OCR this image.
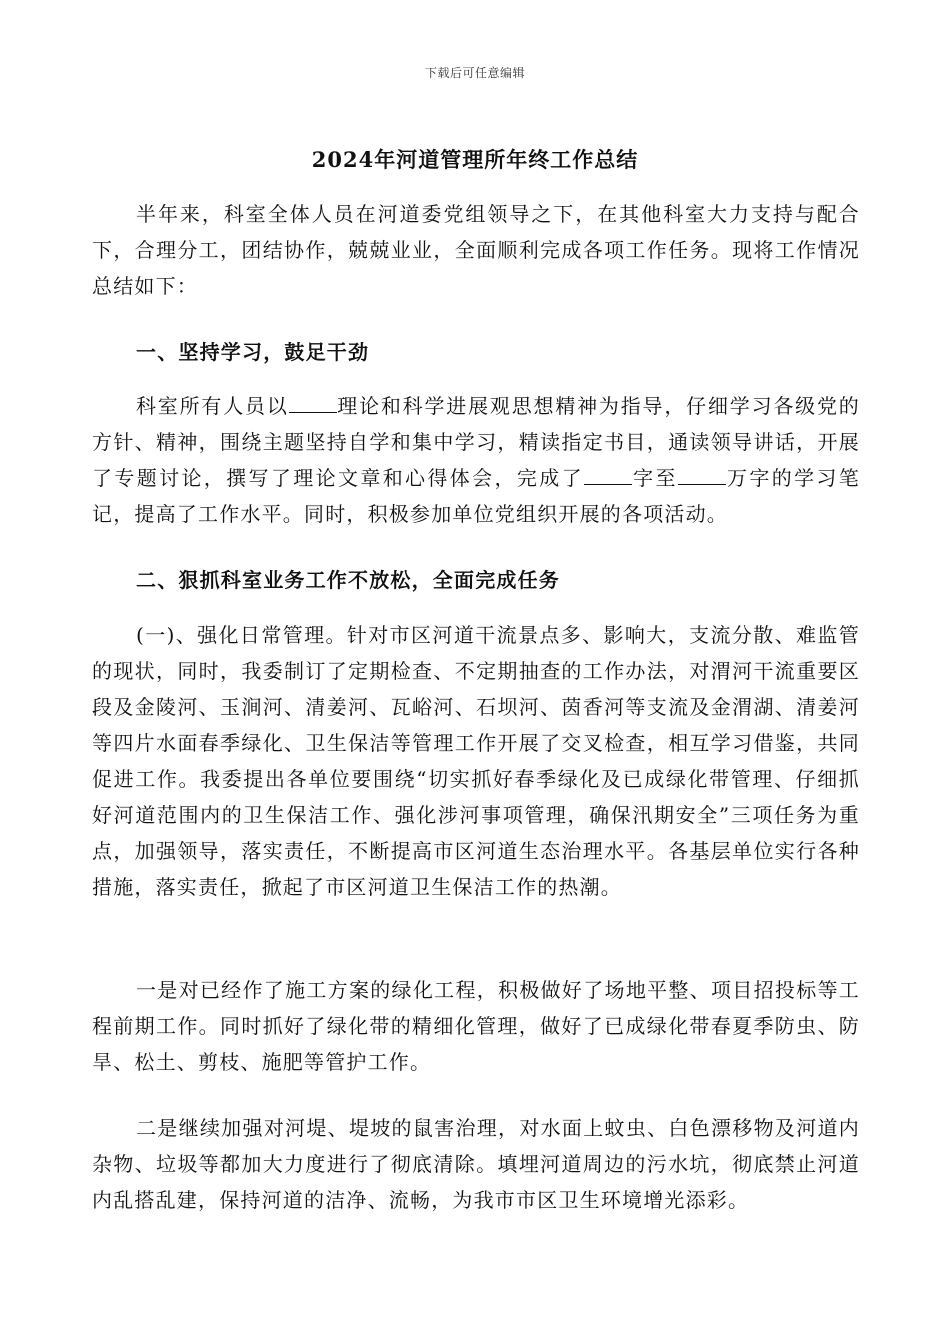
下载后可任意编辑
2024年河道管理所年终工作总结

半年来，科室全体人员在河道委党组领导之下，在其他科室大力支持与配合下，合理分工，团结协作，兢兢业业，全面顺利完成各项工作任务。现将工作情况总结如下：

一、坚持学习，鼓足干劲

科室所有人员以 理论和科学进展观思想精神为指导，仔细学习各级党的方针、精神，围绕主题坚持自学和集中学习，精读指定书目，通读领导讲话，开展了专题讨论，撰写了理论文章和心得体会，完成了 字至 万字的学习笔记，提高了工作水平。同时，积极参加单位党组织开展的各项活动。

二、狠抓科室业务工作不放松，全面完成任务

(一)、强化日常管理。针对市区河道干流景点多、影响大，支流分散、难监管的现状，同时，我委制订了定期检查、不定期抽查的工作办法，对渭河干流重要区段及金陵河、玉涧河、清姜河、瓦峪河、石坝河、茵香河等支流及金渭湖、清姜河等四片水面春季绿化、卫生保洁等管理工作开展了交叉检查，相互学习借鉴，共同促进工作。我委提出各单位要围绕“切实抓好春季绿化及已成绿化带管理、仔细抓好河道范围内的卫生保洁工作、强化涉河事项管理，确保汛期安全”三项任务为重点，加强领导，落实责任，不断提高市区河道生态治理水平。各基层单位实行各种措施，落实责任，掀起了市区河道卫生保洁工作的热潮。

一是对已经作了施工方案的绿化工程，积极做好了场地平整、项目招投标等工程前期工作。同时抓好了绿化带的精细化管理，做好了已成绿化带春夏季防虫、防旱、松土、剪枝、施肥等管护工作。

二是继续加强对河堤、堤坡的鼠害治理，对水面上蚊虫、白色漂移物及河道内杂物、垃圾等都加大力度进行了彻底清除。填埋河道周边的污水坑，彻底禁止河道内乱搭乱建，保持河道的洁净、流畅，为我市市区卫生环境增光添彩。
